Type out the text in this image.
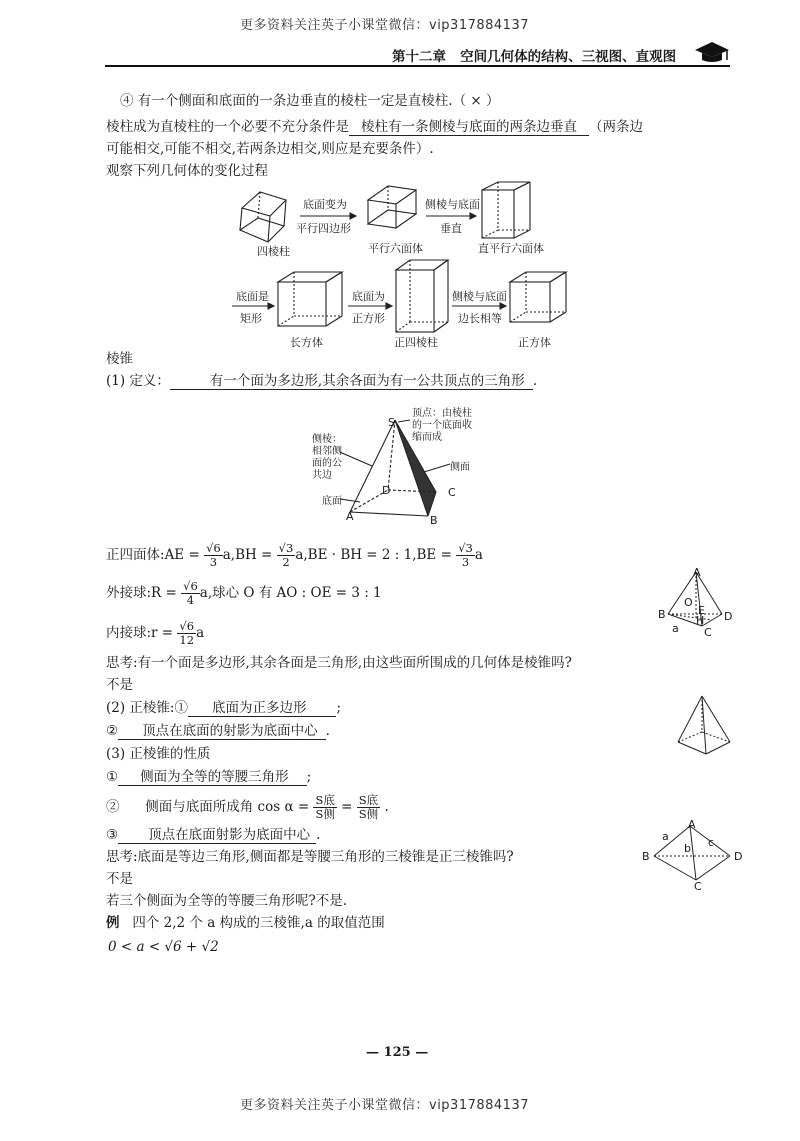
更多资料关注英子小课堂微信：vip317884137
第十二章 空间几何体的结构、三视图、直观图
④ 有一个侧面和底面的一条边垂直的棱柱一定是直棱柱.（ × ）
棱柱成为直棱柱的一个必要不充分条件是 棱柱有一条侧棱与底面的两条边垂直 （两条边
可能相交,可能不相交,若两条边相交,则应是充要条件）.
观察下列几何体的变化过程
底面变为
平行四边形
侧棱与底面
垂直
四棱柱	平行六面体	直平行六面体
底面是
矩形
底面为
正方形
侧棱与底面
边长相等
长方体	正四棱柱	正方体
棱锥
(1) 定义：	有一个面为多边形,其余各面为有一公共顶点的三角形 .
S
A	B
C
D
顶点：由棱柱的一个底面收缩而成
侧棱：相邻侧面的公共边
侧面
底面
正四面体:AE = $\frac{√6}{3} a,BH = \frac{√3}{2} a,BE$ · BH = 2 : $1,BE = \frac{√3}{3}$ a
外接球:R = $\frac{√6}{4} a$,球心 O 有 AO : OE = 3 : 1
内接球:r = $\frac{√6}{12}$ a
A
B
C
D
E
H
O
a
思考:有一个面是多边形,其余各面是三角形,由这些面所围成的几何体是棱锥吗?
不是
(2) 正棱锥:① 底面为正多边形 ;
② 顶点在底面的射影为底面中心 .
(3) 正棱锥的性质
① 侧面为全等的等腰三角形 ;
② 侧面与底面所成角 $\cos \alpha = \frac{\text{S底}}{\text{S侧}} = \frac{\text{S底}}{\text{S侧}}$ .
③ 顶点在底面射影为底面中心 .
A
B
C
D
a
b c
思考:底面是等边三角形,侧面都是等腰三角形的三棱锥是正三棱锥吗?
不是
若三个侧面为全等的等腰三角形呢?不是.
例 四个 2,2 个 a 构成的三棱锥,a 的取值范围
0 < a < √6 + √2
— 125 —
更多资料关注英子小课堂微信：vip317884137
